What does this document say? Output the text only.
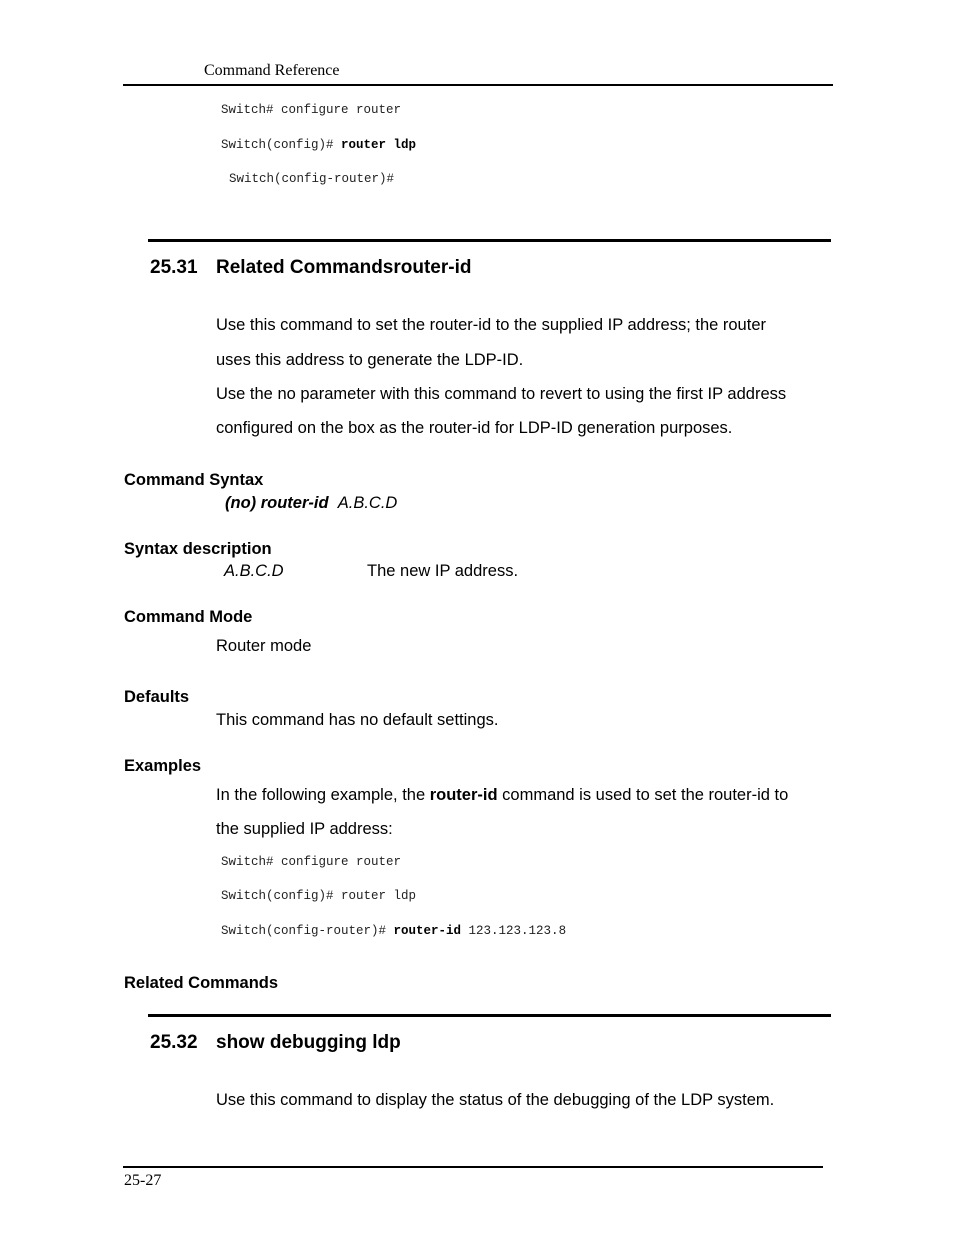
Command Reference
Switch# configure router
Switch(config)# router ldp
Switch(config-router)#
25.31 Related Commandsrouter-id
Use this command to set the router-id to the supplied IP address; the router
uses this address to generate the LDP-ID.
Use the no parameter with this command to revert to using the first IP address
configured on the box as the router-id for LDP-ID generation purposes.
Command Syntax
(no) router-id A.B.C.D
Syntax description
A.B.C.D	The new IP address.
Command Mode
Router mode
Defaults
This command has no default settings.
Examples
In the following example, the router-id command is used to set the router-id to
the supplied IP address:
Switch# configure router
Switch(config)# router ldp
Switch(config-router)# router-id 123.123.123.8
Related Commands
25.32 show debugging ldp
Use this command to display the status of the debugging of the LDP system.
25-27
